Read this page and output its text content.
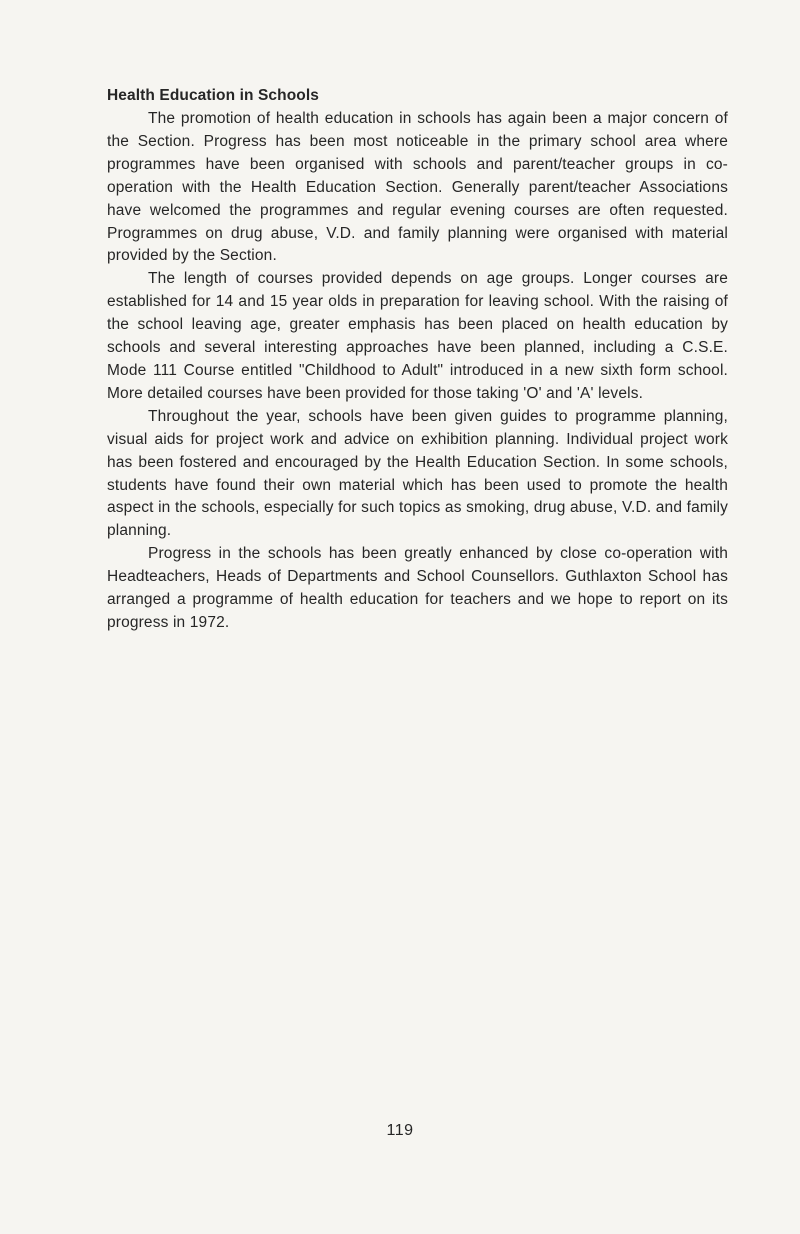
Health Education in Schools

The promotion of health education in schools has again been a major concern of the Section. Progress has been most noticeable in the primary school area where programmes have been organised with schools and parent/teacher groups in co-operation with the Health Education Section. Generally parent/teacher Associations have welcomed the programmes and regular evening courses are often requested. Programmes on drug abuse, V.D. and family planning were organised with material provided by the Section.

The length of courses provided depends on age groups. Longer courses are established for 14 and 15 year olds in preparation for leaving school. With the raising of the school leaving age, greater emphasis has been placed on health education by schools and several interesting approaches have been planned, including a C.S.E. Mode 111 Course entitled "Childhood to Adult" introduced in a new sixth form school. More detailed courses have been provided for those taking 'O' and 'A' levels.

Throughout the year, schools have been given guides to programme planning, visual aids for project work and advice on exhibition planning. Individual project work has been fostered and encouraged by the Health Education Section. In some schools, students have found their own material which has been used to promote the health aspect in the schools, especially for such topics as smoking, drug abuse, V.D. and family planning.

Progress in the schools has been greatly enhanced by close co-operation with Headteachers, Heads of Departments and School Counsellors. Guthlaxton School has arranged a programme of health education for teachers and we hope to report on its progress in 1972.

119
